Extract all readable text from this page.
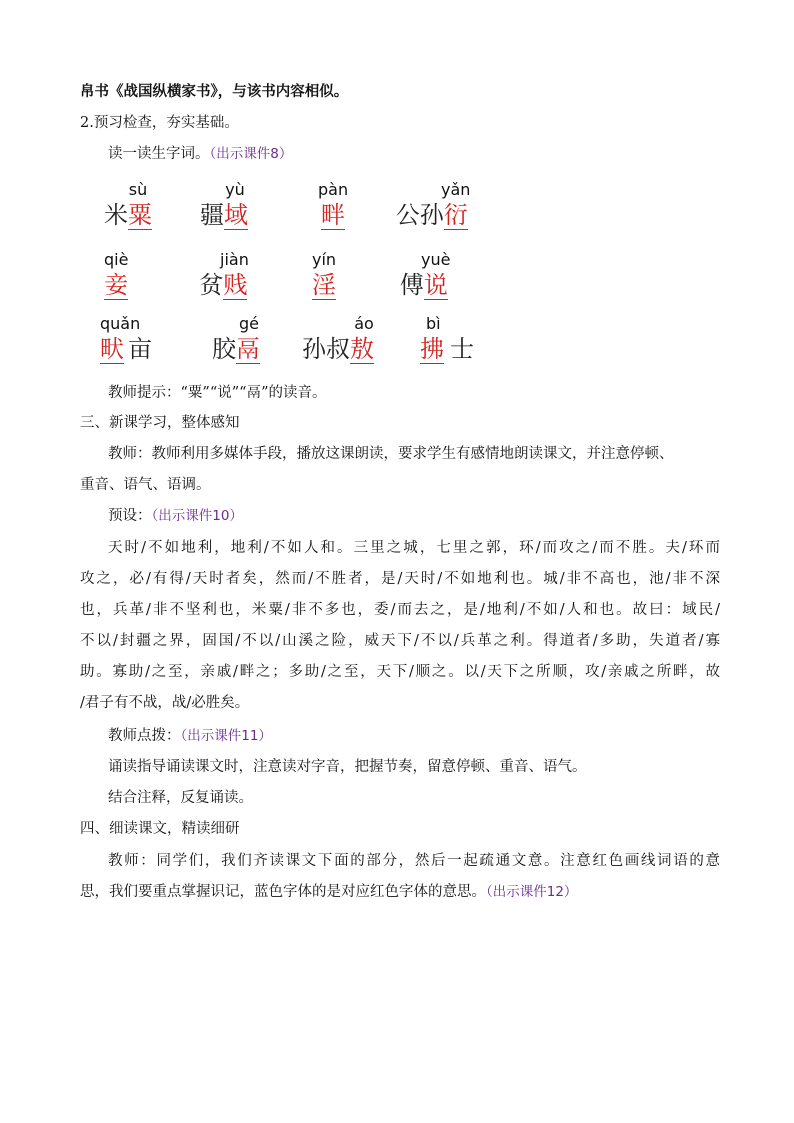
帛书《战国纵横家书》，与该书内容相似。
2.预习检查，夯实基础。
读一读生字词。（出示课件8）
sù
米粟
yù
疆域
pàn
畔
yǎn
公孙衍
qiè
妾
jiàn
贫贱
yín
淫
yuè
傅说
quǎn
畎 亩
gé
胶鬲
áo
孙叔敖
bì
拂 士
教师提示：“粟”“说”“鬲”的读音。
三、新课学习，整体感知
教师：教师利用多媒体手段，播放这课朗读，要求学生有感情地朗读课文，并注意停顿、
重音、语气、语调。
预设：（出示课件10）
天时/不如地利，地利/不如人和。三里之城，七里之郭，环/而攻之/而不胜。夫/环而
攻之，必/有得/天时者矣，然而/不胜者，是/天时/不如地利也。城/非不高也，池/非不深
也，兵革/非不坚利也，米粟/非不多也，委/而去之，是/地利/不如/人和也。故曰：域民/
不以/封疆之界，固国/不以/山溪之险，威天下/不以/兵革之利。得道者/多助，失道者/寡
助。寡助/之至，亲戚/畔之；多助/之至，天下/顺之。以/天下之所顺，攻/亲戚之所畔，故
/君子有不战，战/必胜矣。
教师点拨：（出示课件11）
诵读指导诵读课文时，注意读对字音，把握节奏，留意停顿、重音、语气。
结合注释，反复诵读。
四、细读课文，精读细研
教师：同学们，我们齐读课文下面的部分，然后一起疏通文意。注意红色画线词语的意
思，我们要重点掌握识记，蓝色字体的是对应红色字体的意思。（出示课件12）
